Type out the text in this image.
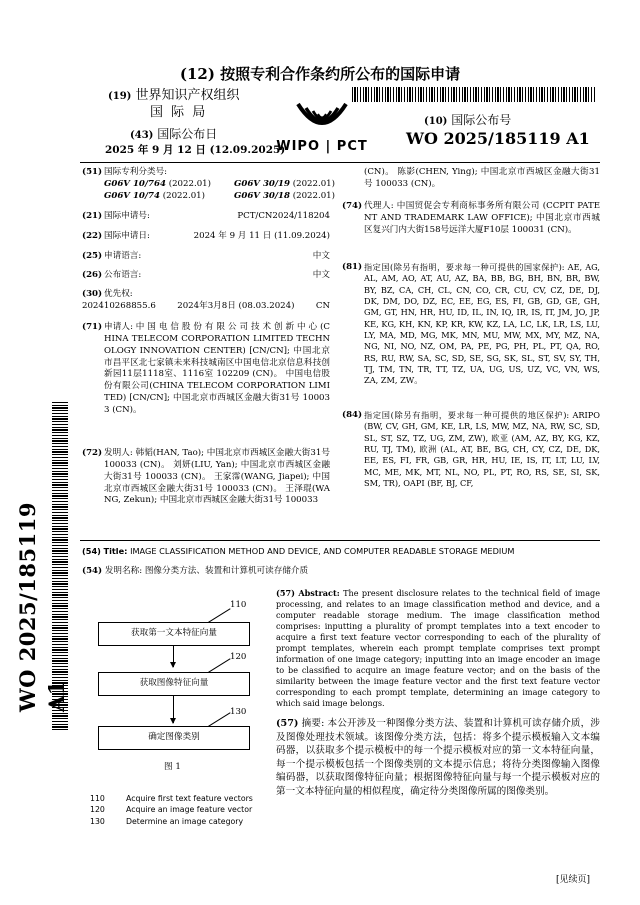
(12) 按照专利合作条约所公布的国际申请
(19) 世界知识产权组织
国 际 局
(43) 国际公布日
2025 年 9 月 12 日 (12.09.2025)
WIPO | PCT
(10) 国际公布号
WO 2025/185119 A1
(51) 国际专利分类号:
G06V 10/764 (2022.01)	G06V 30/19 (2022.01)
G06V 10/74 (2022.01)	G06V 30/18 (2022.01)
(21) 国际申请号:	PCT/CN2024/118204
(22) 国际申请日:	2024 年 9 月 11 日 (11.09.2024)
(25) 申请语言:	中文
(26) 公布语言:	中文
(30) 优先权:
202410268855.6 2024年3月8日 (08.03.2024) CN
(71) 申请人: 中 国 电 信 股 份 有 限 公 司 技 术 创 新 中 心 (CHINA TELECOM CORPORATION LIMITED TECHNOLOGY INNOVATION CENTER) [CN/CN]; 中国北京市昌平区北七家镇未来科技城南区中国电信北京信息科技创新园11层1118室、1116室 102209 (CN)。 中国电信股份有限公司(CHINA TELECOM CORPORATION LIMITED) [CN/CN]; 中国北京市西城区金融大街31号 100033 (CN)。
(72) 发明人: 韩韬(HAN, Tao); 中国北京市西城区金融大街31号 100033 (CN)。 刘妍(LIU, Yan); 中国北京市西城区金融大街31号 100033 (CN)。 王家霈(WANG, Jiapei); 中国北京市西城区金融大街31号 100033 (CN)。 王泽琨(WANG, Zekun); 中国北京市西城区金融大街31号 100033
(CN)。 陈影(CHEN, Ying); 中国北京市西城区金融大街31号 100033 (CN)。
(74) 代理人: 中国贸促会专利商标事务所有限公司 (CCPIT PATENT AND TRADEMARK LAW OFFICE); 中国北京市西城区复兴门内大街158号远洋大厦F10层 100031 (CN)。
(81) 指定国(除另有指明，要求每一种可提供的国家保护): AE, AG, AL, AM, AO, AT, AU, AZ, BA, BB, BG, BH, BN, BR, BW, BY, BZ, CA, CH, CL, CN, CO, CR, CU, CV, CZ, DE, DJ, DK, DM, DO, DZ, EC, EE, EG, ES, FI, GB, GD, GE, GH, GM, GT, HN, HR, HU, ID, IL, IN, IQ, IR, IS, IT, JM, JO, JP, KE, KG, KH, KN, KP, KR, KW, KZ, LA, LC, LK, LR, LS, LU, LY, MA, MD, MG, MK, MN, MU, MW, MX, MY, MZ, NA, NG, NI, NO, NZ, OM, PA, PE, PG, PH, PL, PT, QA, RO, RS, RU, RW, SA, SC, SD, SE, SG, SK, SL, ST, SV, SY, TH, TJ, TM, TN, TR, TT, TZ, UA, UG, US, UZ, VC, VN, WS, ZA, ZM, ZW。
(84) 指定国(除另有指明，要求每一种可提供的地区保护): ARIPO (BW, CV, GH, GM, KE, LR, LS, MW, MZ, NA, RW, SC, SD, SL, ST, SZ, TZ, UG, ZM, ZW), 欧亚 (AM, AZ, BY, KG, KZ, RU, TJ, TM), 欧洲 (AL, AT, BE, BG, CH, CY, CZ, DE, DK, EE, ES, FI, FR, GB, GR, HR, HU, IE, IS, IT, LT, LU, LV, MC, ME, MK, MT, NL, NO, PL, PT, RO, RS, SE, SI, SK, SM, TR), OAPI (BF, BJ, CF,
(54) Title: IMAGE CLASSIFICATION METHOD AND DEVICE, AND COMPUTER READABLE STORAGE MEDIUM
(54) 发明名称: 图像分类方法、装置和计算机可读存储介质
110
获取第一文本特征向量
120
获取图像特征向量
130
确定图像类别
图 1
110	Acquire first text feature vectors
120	Acquire an image feature vector
130	Determine an image category
(57) Abstract: The present disclosure relates to the technical field of image processing, and relates to an image classification method and device, and a computer readable storage medium. The image classification method comprises: inputting a plurality of prompt templates into a text encoder to acquire a first text feature vector corresponding to each of the plurality of prompt templates, wherein each prompt template comprises text prompt information of one image category; inputting into an image encoder an image to be classified to acquire an image feature vector; and on the basis of the similarity between the image feature vector and the first text feature vector corresponding to each prompt template, determining an image category to which said image belongs.
(57) 摘要: 本公开涉及一种图像分类方法、装置和计算机可读存储介质，涉及图像处理技术领域。该图像分类方法，包括：将多个提示模板输入文本编码器，以获取多个提示模板中的每一个提示模板对应的第一文本特征向量，每一个提示模板包括一个图像类别的文本提示信息；将待分类图像输入图像编码器，以获取图像特征向量；根据图像特征向量与每一个提示模板对应的第一文本特征向量的相似程度，确定待分类图像所属的图像类别。
WO 2025/185119 A1
[见续页]
